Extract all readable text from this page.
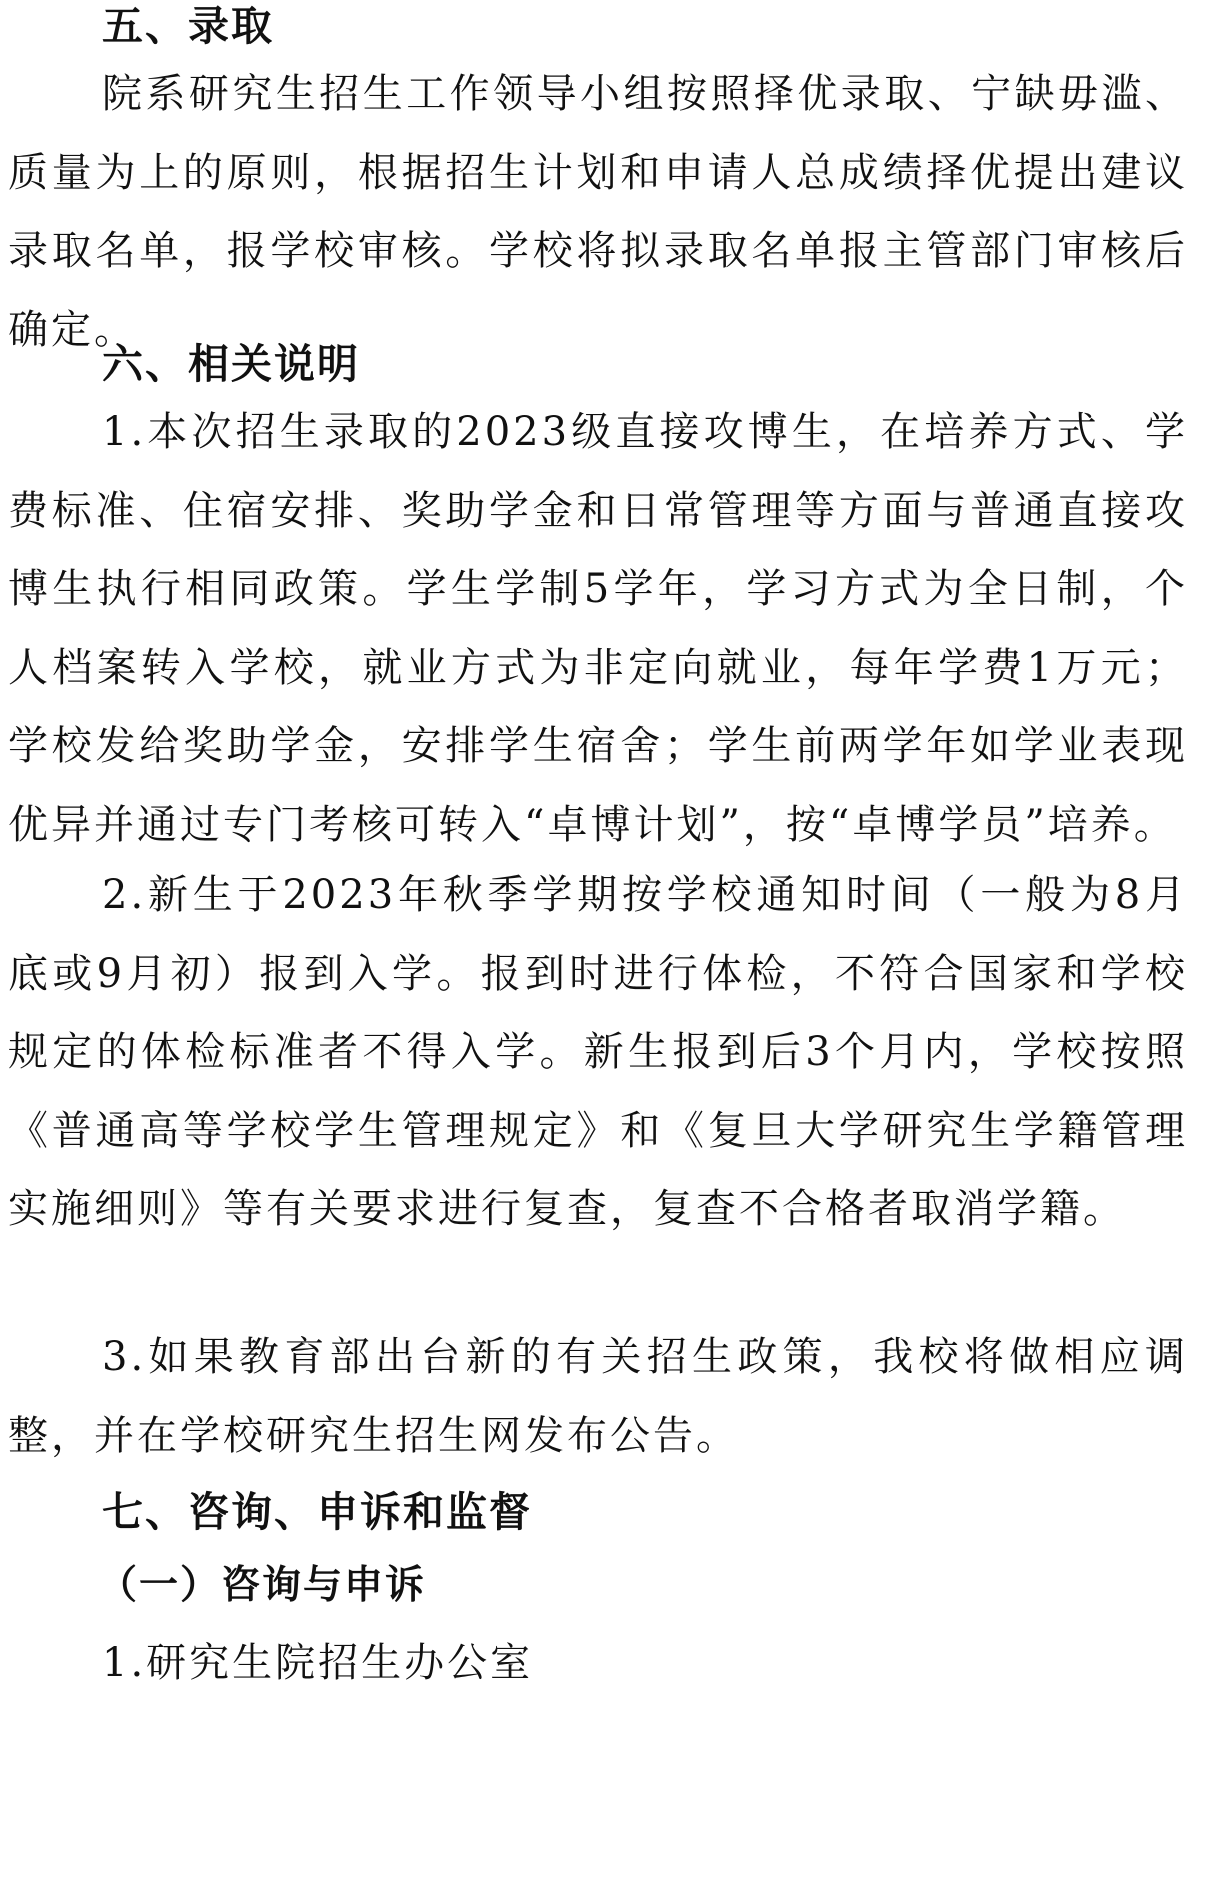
五、录取

院系研究生招生工作领导小组按照择优录取、宁缺毋滥、质量为上的原则，根据招生计划和申请人总成绩择优提出建议录取名单，报学校审核。学校将拟录取名单报主管部门审核后确定。

六、相关说明

1.本次招生录取的2023级直接攻博生，在培养方式、学费标准、住宿安排、奖助学金和日常管理等方面与普通直接攻博生执行相同政策。学生学制5学年，学习方式为全日制，个人档案转入学校，就业方式为非定向就业，每年学费1万元；学校发给奖助学金，安排学生宿舍；学生前两学年如学业表现优异并通过专门考核可转入“卓博计划”，按“卓博学员”培养。

2.新生于2023年秋季学期按学校通知时间（一般为8月底或9月初）报到入学。报到时进行体检，不符合国家和学校规定的体检标准者不得入学。新生报到后3个月内，学校按照《普通高等学校学生管理规定》和《复旦大学研究生学籍管理实施细则》等有关要求进行复查，复查不合格者取消学籍。

3.如果教育部出台新的有关招生政策，我校将做相应调整，并在学校研究生招生网发布公告。

七、咨询、申诉和监督
（一）咨询与申诉
1.研究生院招生办公室
